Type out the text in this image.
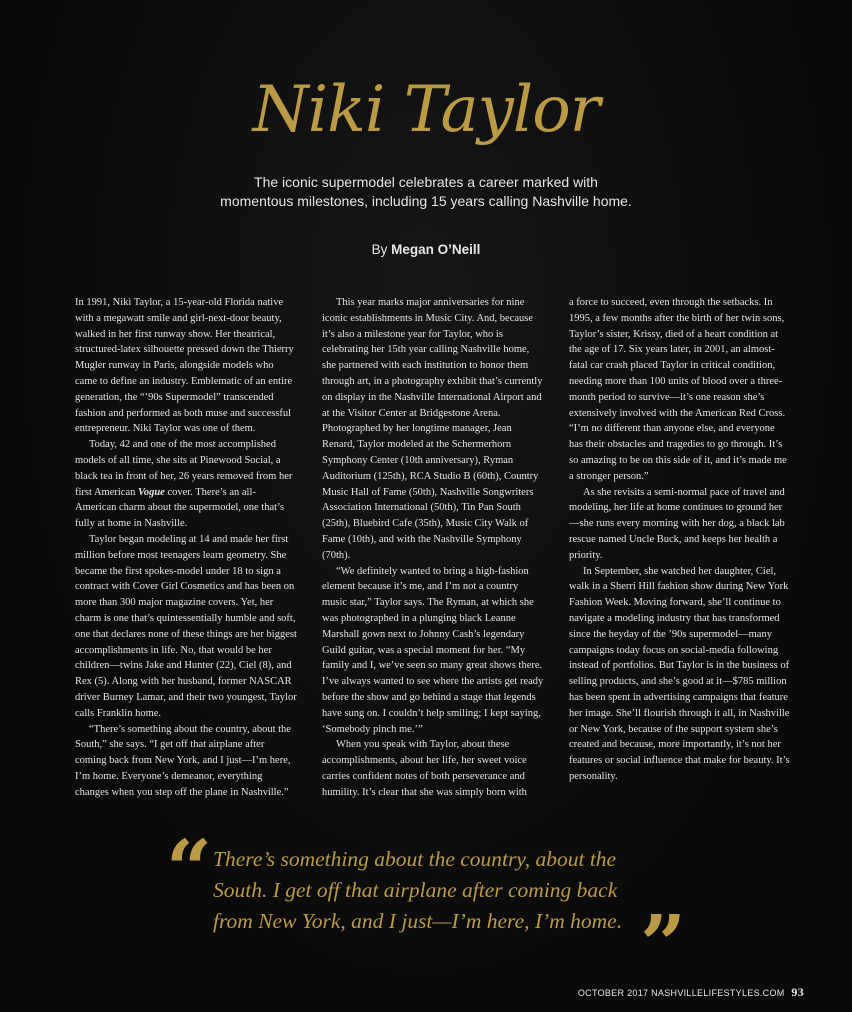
Niki Taylor
The iconic supermodel celebrates a career marked with momentous milestones, including 15 years calling Nashville home.
By Megan O’Neill

In 1991, Niki Taylor, a 15-year-old Florida native with a megawatt smile and girl-next-door beauty, walked in her first runway show. Her theatrical, structured-latex silhouette pressed down the Thierry Mugler runway in Paris, alongside models who came to define an industry. Emblematic of an entire generation, the “’90s Supermodel” transcended fashion and performed as both muse and successful entrepreneur. Niki Taylor was one of them.

Today, 42 and one of the most accomplished models of all time, she sits at Pinewood Social, a black tea in front of her, 26 years removed from her first American Vogue cover. There’s an all-American charm about the supermodel, one that’s fully at home in Nashville.

Taylor began modeling at 14 and made her first million before most teenagers learn geometry. She became the first spokes-model under 18 to sign a contract with Cover Girl Cosmetics and has been on more than 300 major magazine covers. Yet, her charm is one that’s quintessentially humble and soft, one that declares none of these things are her biggest accomplishments in life. No, that would be her children—twins Jake and Hunter (22), Ciel (8), and Rex (5). Along with her husband, former NASCAR driver Burney Lamar, and their two youngest, Taylor calls Franklin home.

“There’s something about the country, about the South,” she says. “I get off that airplane after coming back from New York, and I just—I’m here, I’m home. Everyone’s demeanor, everything changes when you step off the plane in Nashville.”

This year marks major anniversaries for nine iconic establishments in Music City. And, because it’s also a milestone year for Taylor, who is celebrating her 15th year calling Nashville home, she partnered with each institution to honor them through art, in a photography exhibit that’s currently on display in the Nashville International Airport and at the Visitor Center at Bridgestone Arena. Photographed by her longtime manager, Jean Renard, Taylor modeled at the Schermerhorn Symphony Center (10th anniversary), Ryman Auditorium (125th), RCA Studio B (60th), Country Music Hall of Fame (50th), Nashville Songwriters Association International (50th), Tin Pan South (25th), Bluebird Cafe (35th), Music City Walk of Fame (10th), and with the Nashville Symphony (70th).

“We definitely wanted to bring a high-fashion element because it’s me, and I’m not a country music star,” Taylor says. The Ryman, at which she was photographed in a plunging black Leanne Marshall gown next to Johnny Cash’s legendary Guild guitar, was a special moment for her. “My family and I, we’ve seen so many great shows there. I’ve always wanted to see where the artists get ready before the show and go behind a stage that legends have sung on. I couldn’t help smiling; I kept saying, ‘Somebody pinch me.’”

When you speak with Taylor, about these accomplishments, about her life, her sweet voice carries confident notes of both perseverance and humility. It’s clear that she was simply born with

a force to succeed, even through the setbacks. In 1995, a few months after the birth of her twin sons, Taylor’s sister, Krissy, died of a heart condition at the age of 17. Six years later, in 2001, an almost-fatal car crash placed Taylor in critical condition, needing more than 100 units of blood over a three-month period to survive—it’s one reason she’s extensively involved with the American Red Cross. “I’m no different than anyone else, and everyone has their obstacles and tragedies to go through. It’s so amazing to be on this side of it, and it’s made me a stronger person.”

As she revisits a semi-normal pace of travel and modeling, her life at home continues to ground her—she runs every morning with her dog, a black lab rescue named Uncle Buck, and keeps her health a priority.

In September, she watched her daughter, Ciel, walk in a Sherri Hill fashion show during New York Fashion Week. Moving forward, she’ll continue to navigate a modeling industry that has transformed since the heyday of the ’90s supermodel—many campaigns today focus on social-media following instead of portfolios. But Taylor is in the business of selling products, and she’s good at it—$785 million has been spent in advertising campaigns that feature her image. She’ll flourish through it all, in Nashville or New York, because of the support system she’s created and because, more importantly, it’s not her features or social influence that make for beauty. It’s personality.

“ There’s something about the country, about the South. I get off that airplane after coming back from New York, and I just—I’m here, I’m home. ”
OCTOBER 2017 NASHVILLELIFESTYLES.COM 93
